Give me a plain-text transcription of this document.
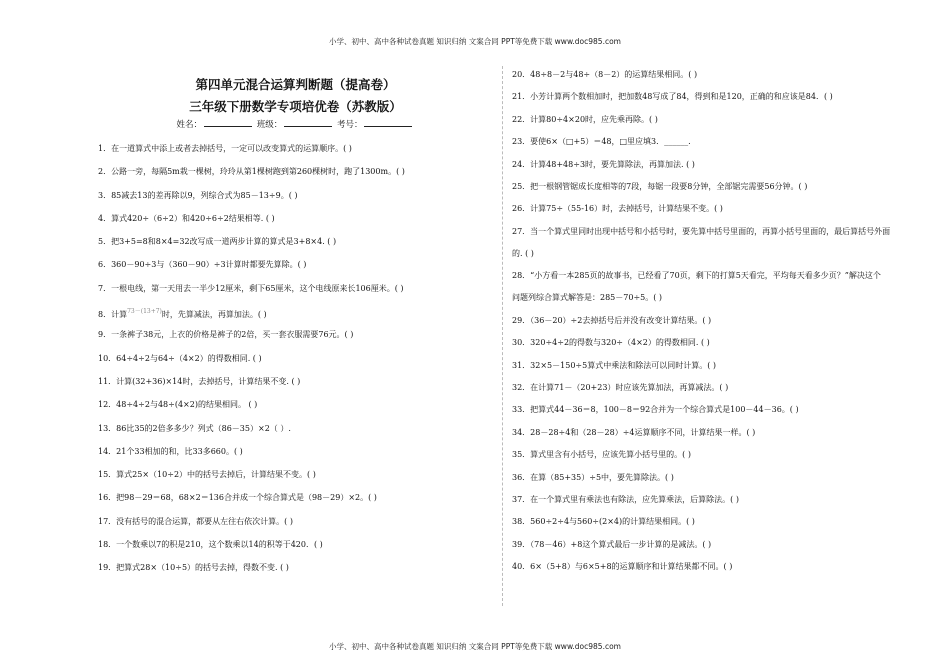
小学、初中、高中各种试卷真题 知识归纳 文案合同 PPT等免费下载 www.doc985.com
第四单元混合运算判断题（提高卷）
三年级下册数学专项培优卷（苏教版）
姓名：	班级：	考号：
1．在一道算式中添上或者去掉括号，一定可以改变算式的运算顺序。( )
2．公路一旁，每隔5m栽一棵树，玲玲从第1棵树跑到第260棵树时，跑了1300m。( )
3．85减去13的差再除以9，列综合式为85－13÷9。( )
4．算式420÷（6÷2）和420÷6÷2结果相等. ( )
5．把3+5=8和8×4=32改写成一道两步计算的算式是3+8×4. ( )
6．360－90÷3与（360－90）÷3计算时都要先算除。( )
7．一根电线，第一天用去一半少12厘米，剩下65厘米，这个电线原来长106厘米。( )
8．计算$^{73-(13+7)}$时，先算减法，再算加法。( )
9．一条裤子38元，上衣的价格是裤子的2倍，买一套衣服需要76元。( )
10．64÷4÷2与64÷（4×2）的得数相同. ( )
11．计算(32+36)×14时，去掉括号，计算结果不变. ( )
12．48÷4÷2与48÷(4×2)的结果相同。 ( )
13．86比35的2倍多多少？列式（86－35）×2（ ）.
14．21个33相加的和，比33多660。( )
15．算式25×（10÷2）中的括号去掉后，计算结果不变。( )
16．把98－29＝68，68×2＝136合并成一个综合算式是（98－29）×2。( )
17．没有括号的混合运算，都要从左往右依次计算。( )
18．一个数乘以7的积是210，这个数乘以14的积等于420．( )
19．把算式28×（10÷5）的括号去掉，得数不变. ( )
20．48÷8－2与48÷（8－2）的运算结果相同。( )
21．小芳计算两个数相加时，把加数48写成了84，得到和是120，正确的和应该是84．( )
22．计算80÷4×20时，应先乘再除。( )
23．要使6×（□+5）＝48，□里应填3．______.
24．计算48+48÷3时，要先算除法，再算加法. ( )
25．把一根钢管锯成长度相等的7段，每锯一段要8分钟，全部锯完需要56分钟。( )
26．计算75÷（55-16）时，去掉括号，计算结果不变。( )
27．当一个算式里同时出现中括号和小括号时，要先算中括号里面的，再算小括号里面的，最后算括号外面
的. ( )
28．“小方看一本285页的故事书，已经看了70页，剩下的打算5天看完，平均每天看多少页？”解决这个
问题列综合算式解答是：285－70÷5。( )
29．（36－20）÷2去掉括号后并没有改变计算结果。( )
30．320÷4÷2的得数与320÷（4×2）的得数相同. ( )
31．32×5－150÷5算式中乘法和除法可以同时计算。( )
32．在计算71－（20+23）时应该先算加法，再算减法。( )
33．把算式44－36＝8，100－8＝92合并为一个综合算式是100－44－36。( )
34．28－28÷4和（28－28）÷4运算顺序不同，计算结果一样。( )
35．算式里含有小括号，应该先算小括号里的。( )
36．在算（85+35）÷5中，要先算除法。( )
37．在一个算式里有乘法也有除法，应先算乘法，后算除法。( )
38．560÷2÷4与560÷(2×4)的计算结果相同。( )
39．（78－46）+8这个算式最后一步计算的是减法。( )
40．6×（5+8）与6×5+8的运算顺序和计算结果都不同。( )
小学、初中、高中各种试卷真题 知识归纳 文案合同 PPT等免费下载 www.doc985.com
